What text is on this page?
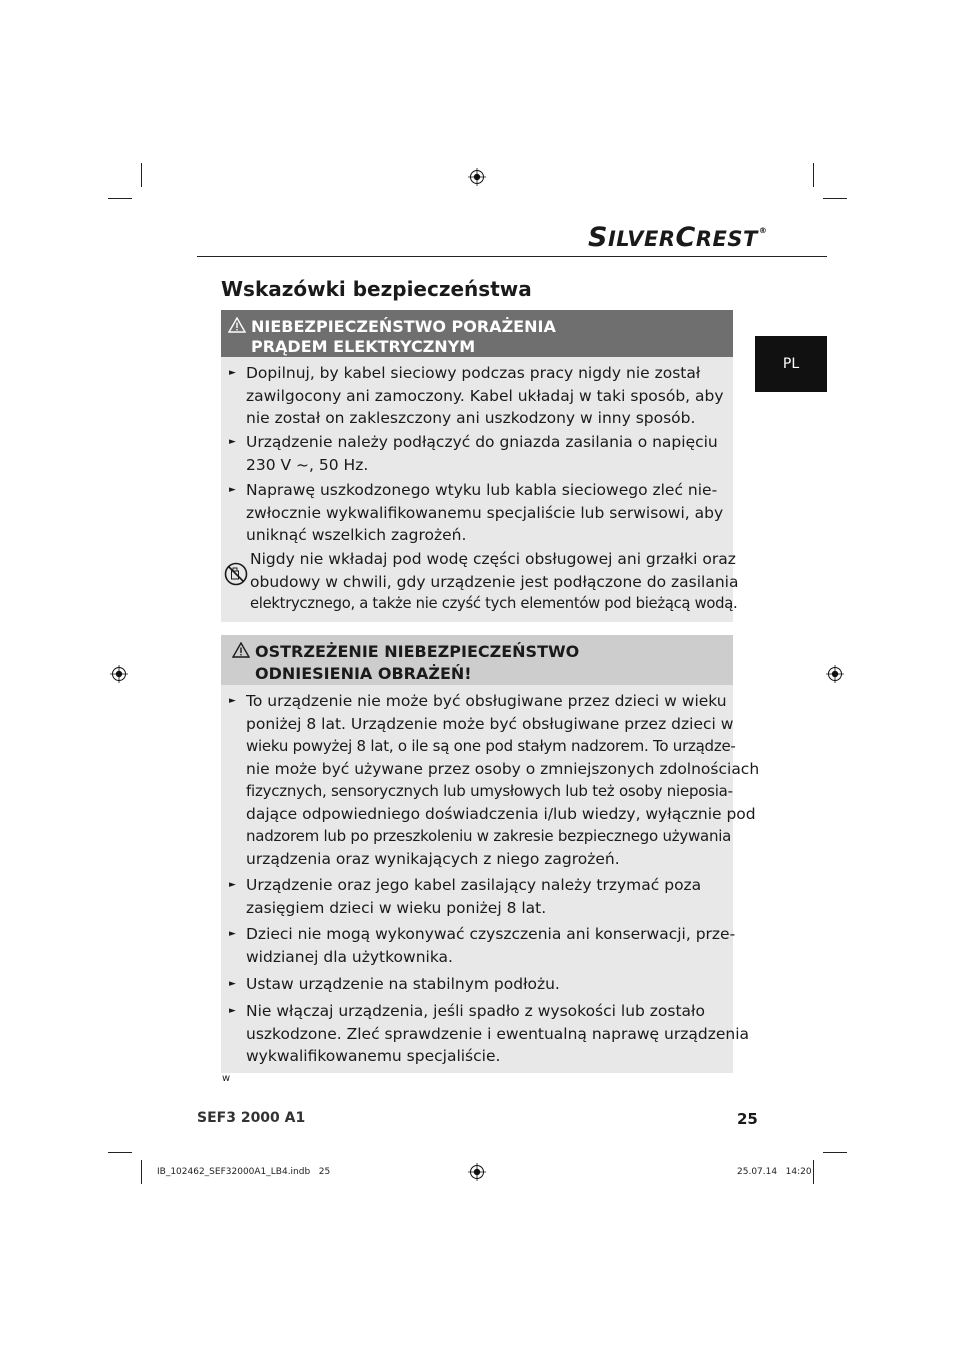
SILVERCREST®
Wskazówki bezpieczeństwa
PL
NIEBEZPIECZEŃSTWO PORAŻENIA
PRĄDEM ELEKTRYCZNYM
► Dopilnuj, by kabel sieciowy podczas pracy nigdy nie został
zawilgocony ani zamoczony. Kabel układaj w taki sposób, aby
nie został on zakleszczony ani uszkodzony w inny sposób.
► Urządzenie należy podłączyć do gniazda zasilania o napięciu
230 V ~, 50 Hz.
► Naprawę uszkodzonego wtyku lub kabla sieciowego zleć nie-
zwłocznie wykwalifikowanemu specjaliście lub serwisowi, aby
uniknąć wszelkich zagrożeń.
Nigdy nie wkładaj pod wodę części obsługowej ani grzałki oraz
obudowy w chwili, gdy urządzenie jest podłączone do zasilania
elektrycznego, a także nie czyść tych elementów pod bieżącą wodą.
OSTRZEŻENIE NIEBEZPIECZEŃSTWO
ODNIESIENIA OBRAŻEŃ!
► To urządzenie nie może być obsługiwane przez dzieci w wieku
poniżej 8 lat. Urządzenie może być obsługiwane przez dzieci w
wieku powyżej 8 lat, o ile są one pod stałym nadzorem. To urządze-
nie może być używane przez osoby o zmniejszonych zdolnościach
fizycznych, sensorycznych lub umysłowych lub też osoby nieposia-
dające odpowiedniego doświadczenia i/lub wiedzy, wyłącznie pod
nadzorem lub po przeszkoleniu w zakresie bezpiecznego używania
urządzenia oraz wynikających z niego zagrożeń.
► Urządzenie oraz jego kabel zasilający należy trzymać poza
zasięgiem dzieci w wieku poniżej 8 lat.
► Dzieci nie mogą wykonywać czyszczenia ani konserwacji, prze-
widzianej dla użytkownika.
► Ustaw urządzenie na stabilnym podłożu.
► Nie włączaj urządzenia, jeśli spadło z wysokości lub zostało
uszkodzone. Zleć sprawdzenie i ewentualną naprawę urządzenia
wykwalifikowanemu specjaliście.
w
SEF3 2000 A1	25
IB_102462_SEF32000A1_LB4.indb   25	25.07.14   14:20
